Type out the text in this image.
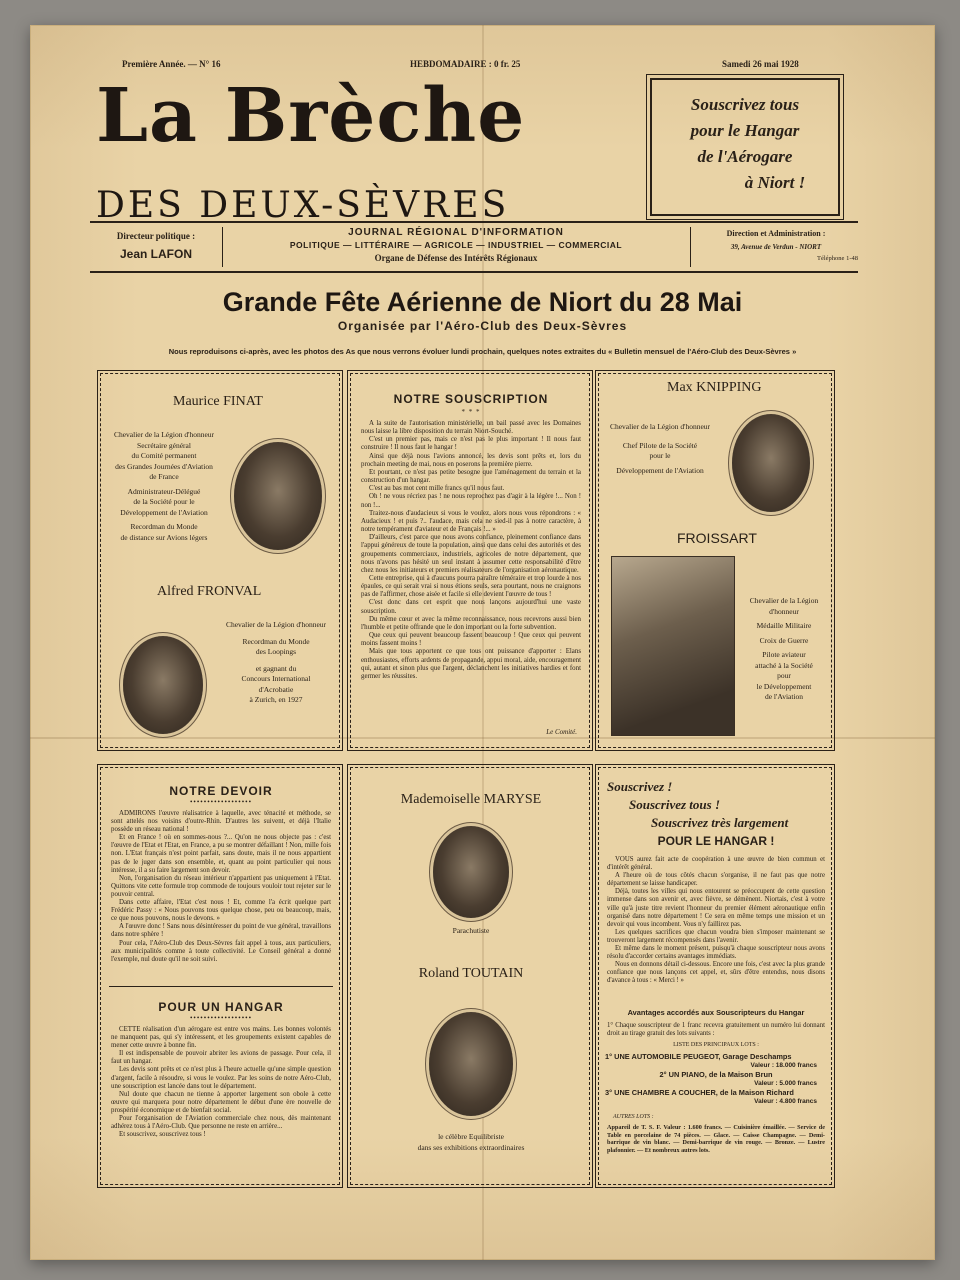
Première Année. — N° 16	HEBDOMADAIRE : 0 fr. 25	Samedi 26 mai 1928
La Brèche
DES DEUX-SÈVRES
Souscrivez tous
pour le Hangar
de l'Aérogare
à Niort !
Directeur politique :
Jean LAFON
JOURNAL RÉGIONAL D'INFORMATION
POLITIQUE — LITTÉRAIRE — AGRICOLE — INDUSTRIEL — COMMERCIAL
Organe de Défense des Intérêts Régionaux
Direction et Administration :
39, Avenue de Verdun - NIORT
Téléphone 1-48
Grande Fête Aérienne de Niort du 28 Mai
Organisée par l'Aéro-Club des Deux-Sèvres
Nous reproduisons ci-après, avec les photos des As que nous verrons évoluer lundi prochain, quelques notes extraites du « Bulletin mensuel de l'Aéro-Club des Deux-Sèvres »
Maurice FINAT
Chevalier de la Légion d'honneur
Secrétaire général
du Comité permanent
des Grandes Journées d'Aviation
de France
Administrateur-Délégué
de la Société pour le
Développement de l'Aviation
Recordman du Monde
de distance sur Avions légers
Alfred FRONVAL
Chevalier de la Légion d'honneur
Recordman du Monde
des Loopings
et gagnant du
Concours International
d'Acrobatie
à Zurich, en 1927
NOTRE SOUSCRIPTION
* * *

A la suite de l'autorisation ministérielle, un bail passé avec les Domaines nous laisse la libre disposition du terrain Niort-Souché.

C'est un premier pas, mais ce n'est pas le plus important ! Il nous faut construire ! Il nous faut le hangar !

Ainsi que déjà nous l'avions annoncé, les devis sont prêts et, lors du prochain meeting de mai, nous en poserons la première pierre.

Et pourtant, ce n'est pas petite besogne que l'aménagement du terrain et la construction d'un hangar.

C'est au bas mot cent mille francs qu'il nous faut.

Oh ! ne vous récriez pas ! ne nous reprochez pas d'agir à la légère !... Non ! non !...

Traitez-nous d'audacieux si vous le voulez, alors nous vous répondrons : « Audacieux ! et puis ?.. l'audace, mais cela ne sied-il pas à notre caractère, à notre tempérament d'aviateur et de Français !... »

D'ailleurs, c'est parce que nous avons confiance, pleinement confiance dans l'appui généreux de toute la population, ainsi que dans celui des autorités et des groupements commerciaux, industriels, agricoles de notre département, que nous n'avons pas hésité un seul instant à assumer cette responsabilité d'être chez nous les initiateurs et premiers réalisateurs de l'organisation aéronautique.

Cette entreprise, qui à d'aucuns pourra paraître téméraire et trop lourde à nos épaules, ce qui serait vrai si nous étions seuls, sera pourtant, nous ne craignons pas de l'affirmer, chose aisée et facile si elle devient l'œuvre de tous !

C'est donc dans cet esprit que nous lançons aujourd'hui une vaste souscription.

Du même cœur et avec la même reconnaissance, nous recevrons aussi bien l'humble et petite offrande que le don important ou la forte subvention.

Que ceux qui peuvent beaucoup fassent beaucoup ! Que ceux qui peuvent moins fassent moins !

Mais que tous apportent ce que tous ont puissance d'apporter : Elans enthousiastes, efforts ardents de propagande, appui moral, aide, encouragement qui, autant et sinon plus que l'argent, déclanchent les initiatives hardies et font germer les réussites.

Le Comité.
Max KNIPPING
Chevalier de la Légion d'honneur
Chef Pilote de la Société
pour le
Développement de l'Aviation
FROISSART
Chevalier de la Légion
d'honneur
Médaille Militaire
Croix de Guerre
Pilote aviateur
attaché à la Société
pour
le Développement
de l'Aviation
NOTRE DEVOIR
••••••••••••••••••

ADMIRONS l'œuvre réalisatrice à laquelle, avec ténacité et méthode, se sont attelés nos voisins d'outre-Rhin. D'autres les suivent, et déjà l'Italie possède un réseau national !

Et en France ! où en sommes-nous ?... Qu'on ne nous objecte pas : c'est l'œuvre de l'Etat et l'Etat, en France, a pu se montrer défaillant ! Non, mille fois non. L'Etat français n'est point parfait, sans doute, mais il ne nous appartient pas de le juger dans son ensemble, et, quant au point particulier qui nous intéresse, il a su faire largement son devoir.

Non, l'organisation du réseau intérieur n'appartient pas uniquement à l'Etat. Quittons vite cette formule trop commode de toujours vouloir tout rejeter sur le pouvoir central.

Dans cette affaire, l'Etat c'est nous ! Et, comme l'a écrit quelque part Frédéric Passy : « Nous pouvons tous quelque chose, peu ou beaucoup, mais, ce que nous pouvons, nous le devons. »

A l'œuvre donc ! Sans nous désintéresser du point de vue général, travaillons dans notre sphère !

Pour cela, l'Aéro-Club des Deux-Sèvres fait appel à tous, aux particuliers, aux municipalités comme à toute collectivité. Le Conseil général a donné l'exemple, nul doute qu'il ne soit suivi.

POUR UN HANGAR
••••••••••••••••••

CETTE réalisation d'un aérogare est entre vos mains. Les bonnes volontés ne manquent pas, qui s'y intéressent, et les groupements existent capables de mener cette œuvre à bonne fin.

Il est indispensable de pouvoir abriter les avions de passage. Pour cela, il faut un hangar.

Les devis sont prêts et ce n'est plus à l'heure actuelle qu'une simple question d'argent, facile à résoudre, si vous le voulez. Par les soins de notre Aéro-Club, une souscription est lancée dans tout le département.

Nul doute que chacun ne tienne à apporter largement son obole à cette œuvre qui marquera pour notre département le début d'une ère nouvelle de prospérité économique et de bienfait social.

Pour l'organisation de l'Aviation commerciale chez nous, dès maintenant adhérez tous à l'Aéro-Club. Que personne ne reste en arrière...

Et souscrivez, souscrivez tous !

Mademoiselle MARYSE
Parachutiste
Roland TOUTAIN
le célèbre Equilibriste
dans ses exhibitions extraordinaires
Souscrivez !
Souscrivez tous !
Souscrivez très largement
POUR LE HANGAR !

VOUS aurez fait acte de coopération à une œuvre de bien commun et d'intérêt général.

A l'heure où de tous côtés chacun s'organise, il ne faut pas que notre département se laisse handicaper.

Déjà, toutes les villes qui nous entourent se préoccupent de cette question immense dans son avenir et, avec fièvre, se démènent. Niortais, c'est à votre ville qu'à juste titre revient l'honneur du premier élément aéronautique enfin organisé dans notre département ! Ce sera en même temps une mission et un devoir qui vous incombent. Vous n'y faillirez pas.

Les quelques sacrifices que chacun voudra bien s'imposer maintenant se trouveront largement récompensés dans l'avenir.

Et même dans le moment présent, puisqu'à chaque souscripteur nous avons résolu d'accorder certains avantages immédiats.

Nous en donnons détail ci-dessous. Encore une fois, c'est avec la plus grande confiance que nous lançons cet appel, et, sûrs d'être entendus, nous disons d'avance à tous : « Merci ! »

Avantages accordés aux Souscripteurs du Hangar
1° Chaque souscripteur de 1 franc recevra gratuitement un numéro lui donnant droit au tirage gratuit des lots suivants :
LISTE DES PRINCIPAUX LOTS :
1° UNE AUTOMOBILE PEUGEOT, Garage Deschamps
Valeur : 18.000 francs
2° UN PIANO, de la Maison Brun
Valeur : 5.000 francs
3° UNE CHAMBRE A COUCHER, de la Maison Richard
Valeur : 4.800 francs
AUTRES LOTS :
Appareil de T. S. F. Valeur : 1.600 francs. — Cuisinière émaillée. — Service de Table en porcelaine de 74 pièces. — Glace. — Caisse Champagne. — Demi-barrique de vin blanc. — Demi-barrique de vin rouge. — Bronze. — Lustre plafonnier. — Et nombreux autres lots.
